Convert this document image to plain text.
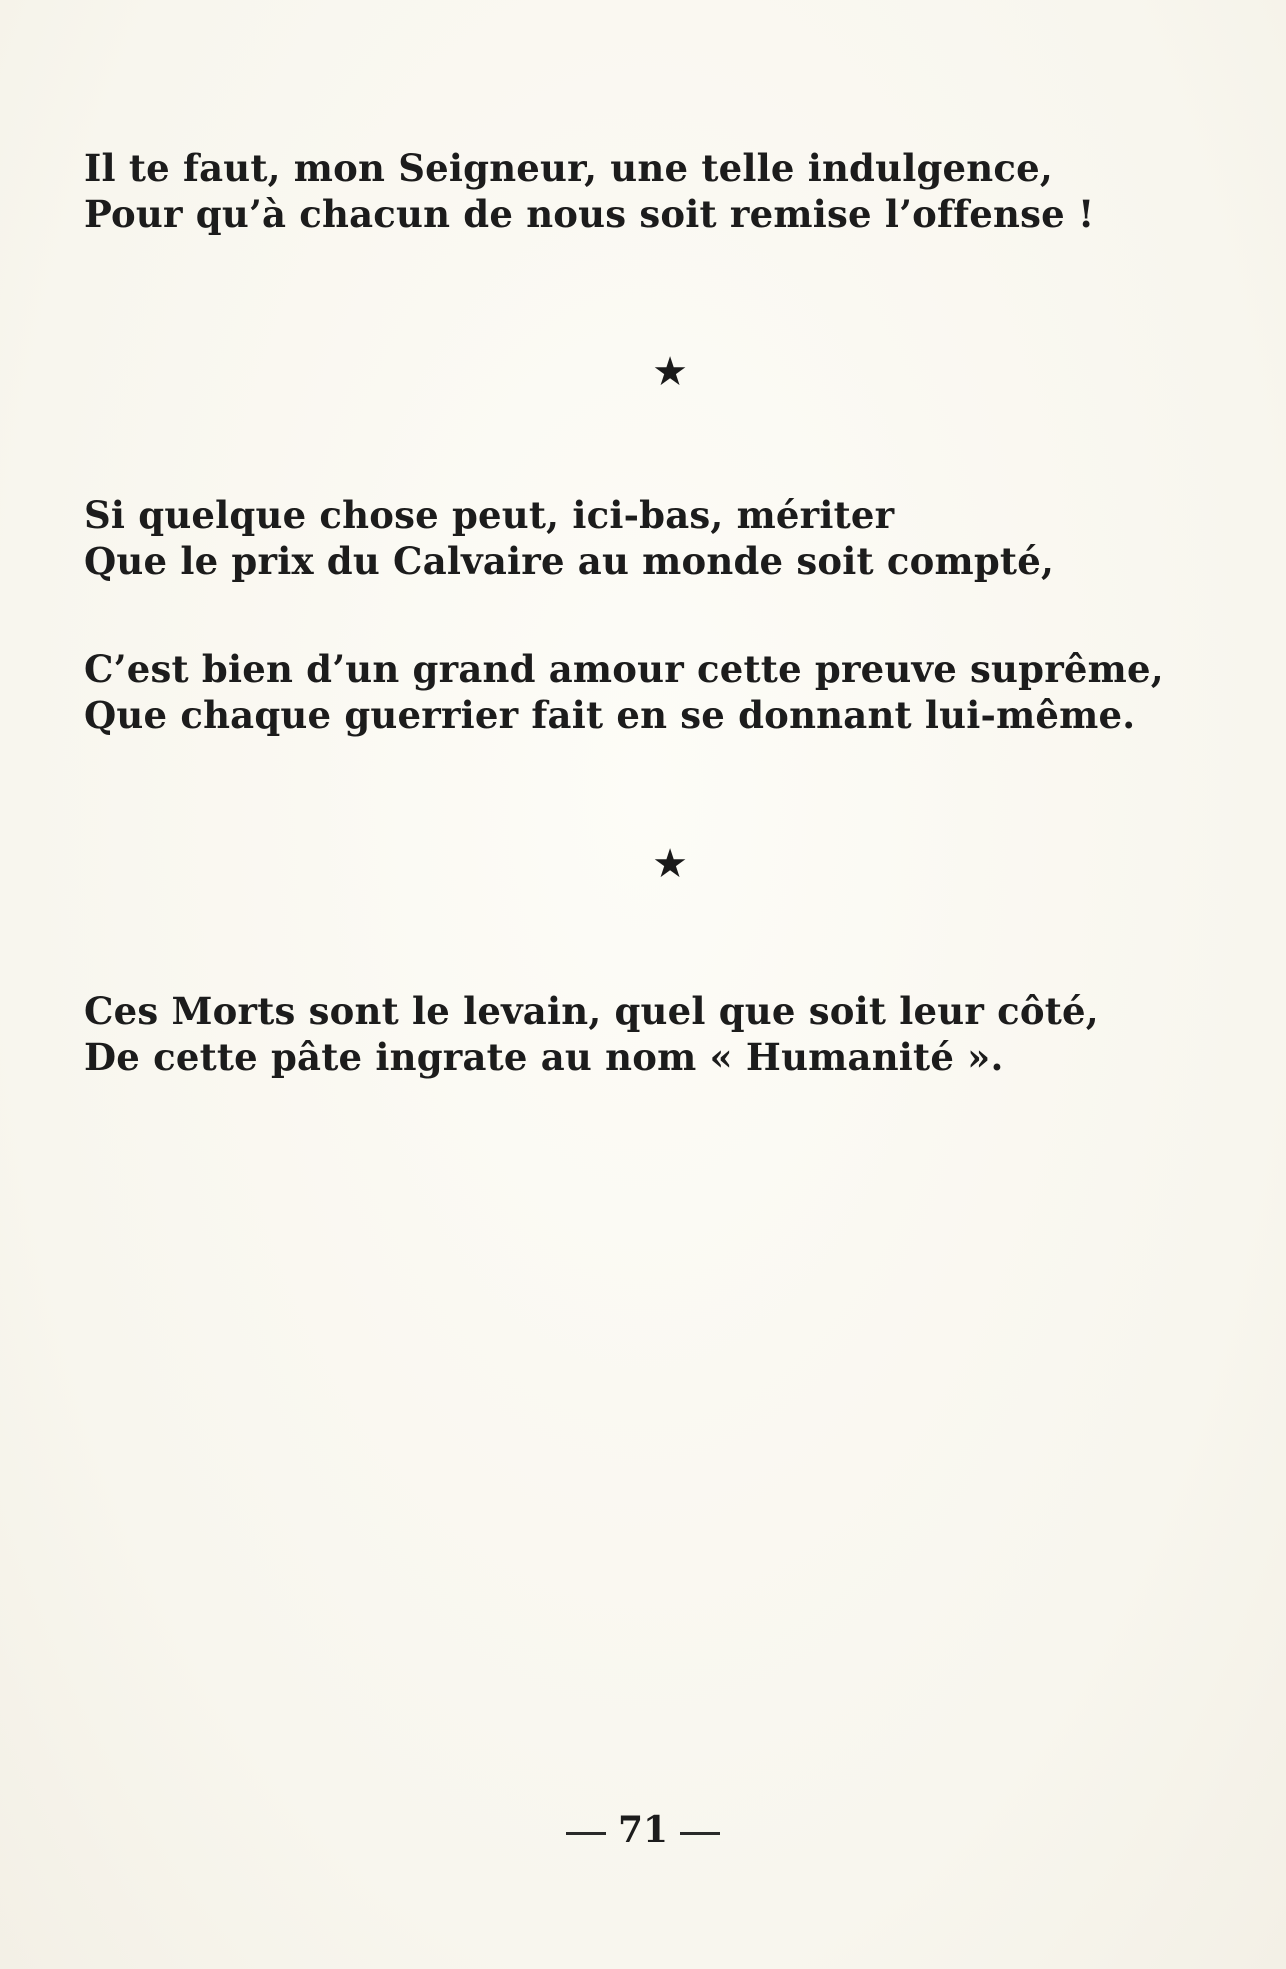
Il te faut, mon Seigneur, une telle indulgence,
Pour qu’à chacun de nous soit remise l’offense !

★

Si quelque chose peut, ici-bas, mériter
Que le prix du Calvaire au monde soit compté,

C’est bien d’un grand amour cette preuve suprême,
Que chaque guerrier fait en se donnant lui-même.

★

Ces Morts sont le levain, quel que soit leur côté,
De cette pâte ingrate au nom « Humanité ».

71
